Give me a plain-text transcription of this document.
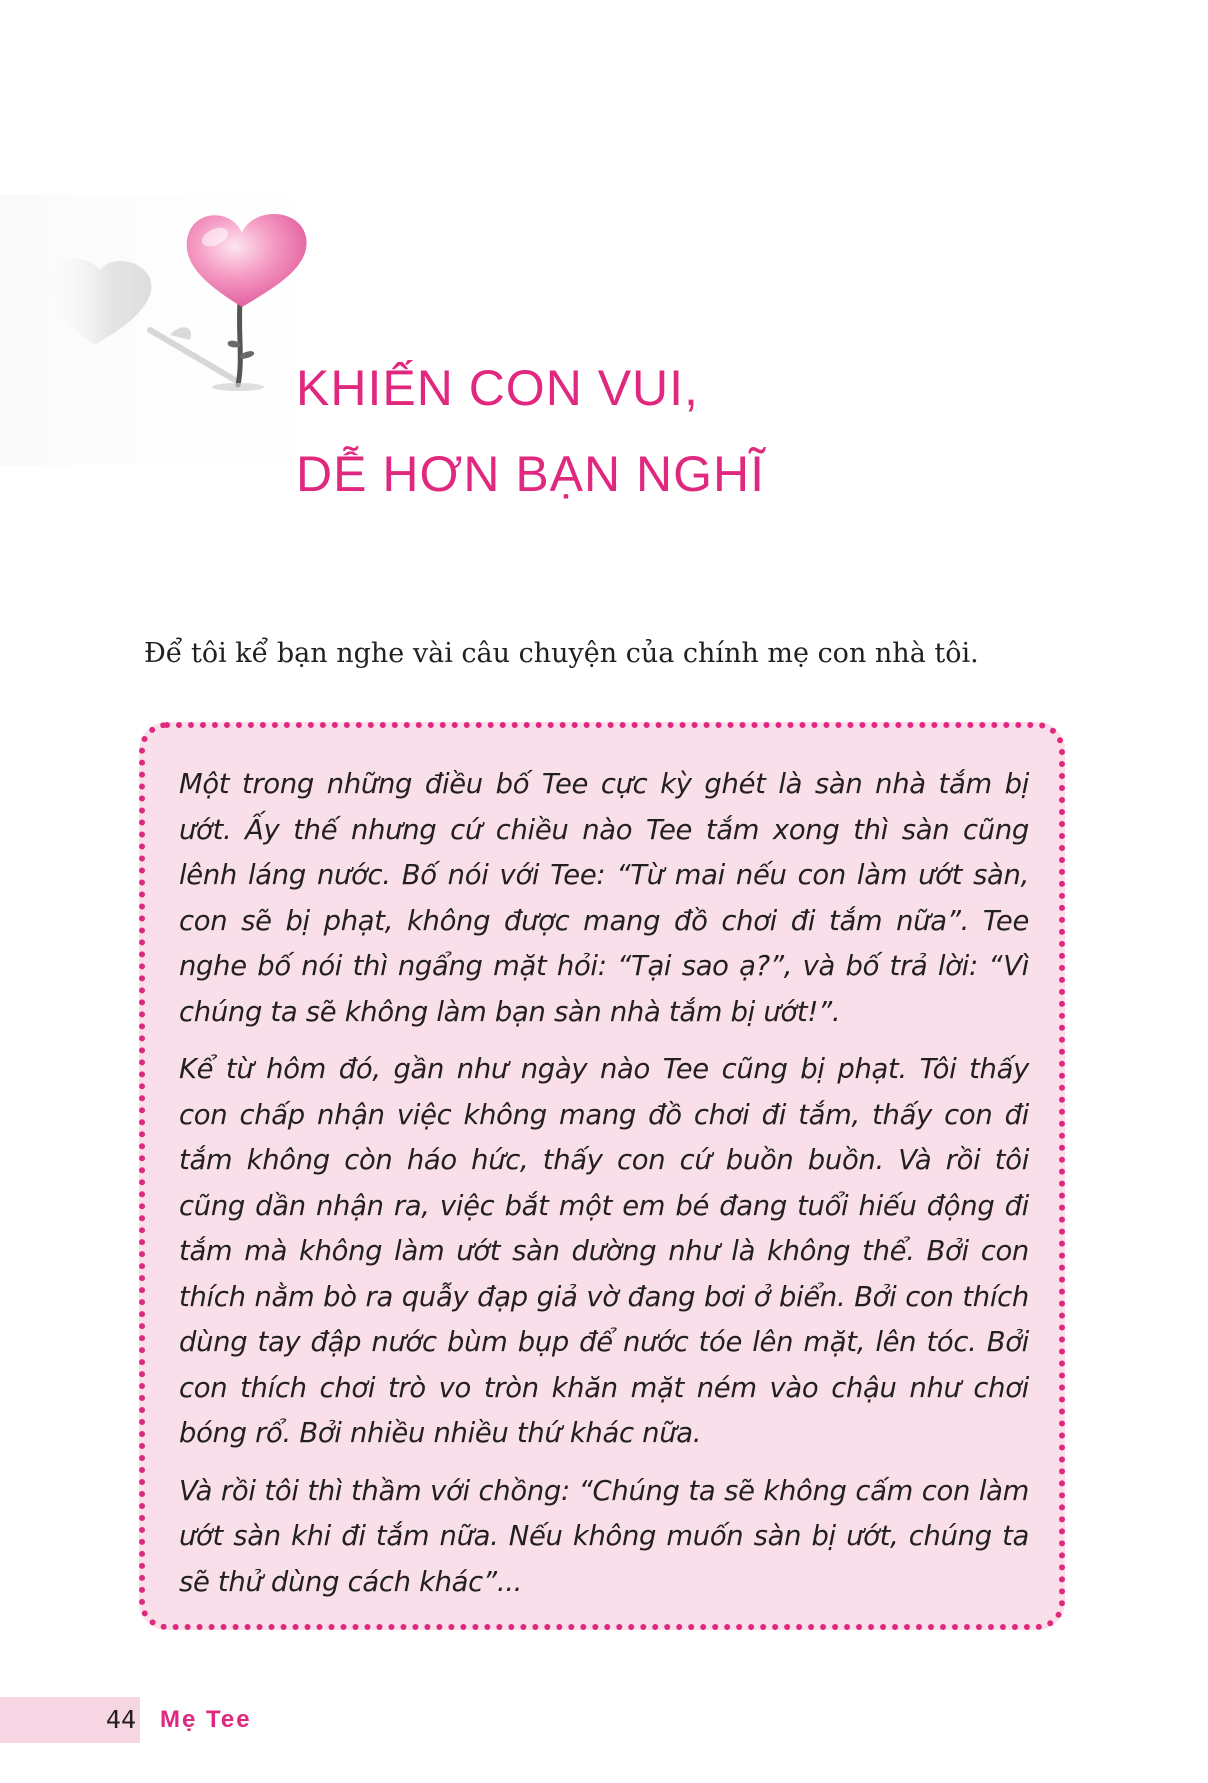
KHIẾN CON VUI,
DỄ HƠN BẠN NGHĨ

Để tôi kể bạn nghe vài câu chuyện của chính mẹ con nhà tôi.

Một trong những điều bố Tee cực kỳ ghét là sàn nhà tắm bị ướt. Ấy thế nhưng cứ chiều nào Tee tắm xong thì sàn cũng lênh láng nước. Bố nói với Tee: “Từ mai nếu con làm ướt sàn, con sẽ bị phạt, không được mang đồ chơi đi tắm nữa”. Tee nghe bố nói thì ngẩng mặt hỏi: “Tại sao ạ?”, và bố trả lời: “Vì chúng ta sẽ không làm bạn sàn nhà tắm bị ướt!”.

Kể từ hôm đó, gần như ngày nào Tee cũng bị phạt. Tôi thấy con chấp nhận việc không mang đồ chơi đi tắm, thấy con đi tắm không còn háo hức, thấy con cứ buồn buồn. Và rồi tôi cũng dần nhận ra, việc bắt một em bé đang tuổi hiếu động đi tắm mà không làm ướt sàn dường như là không thể. Bởi con thích nằm bò ra quẫy đạp giả vờ đang bơi ở biển. Bởi con thích dùng tay đập nước bùm bụp để nước tóe lên mặt, lên tóc. Bởi con thích chơi trò vo tròn khăn mặt ném vào chậu như chơi bóng rổ. Bởi nhiều nhiều thứ khác nữa.

Và rồi tôi thì thầm với chồng: “Chúng ta sẽ không cấm con làm ướt sàn khi đi tắm nữa. Nếu không muốn sàn bị ướt, chúng ta sẽ thử dùng cách khác”...

44 Mẹ Tee
